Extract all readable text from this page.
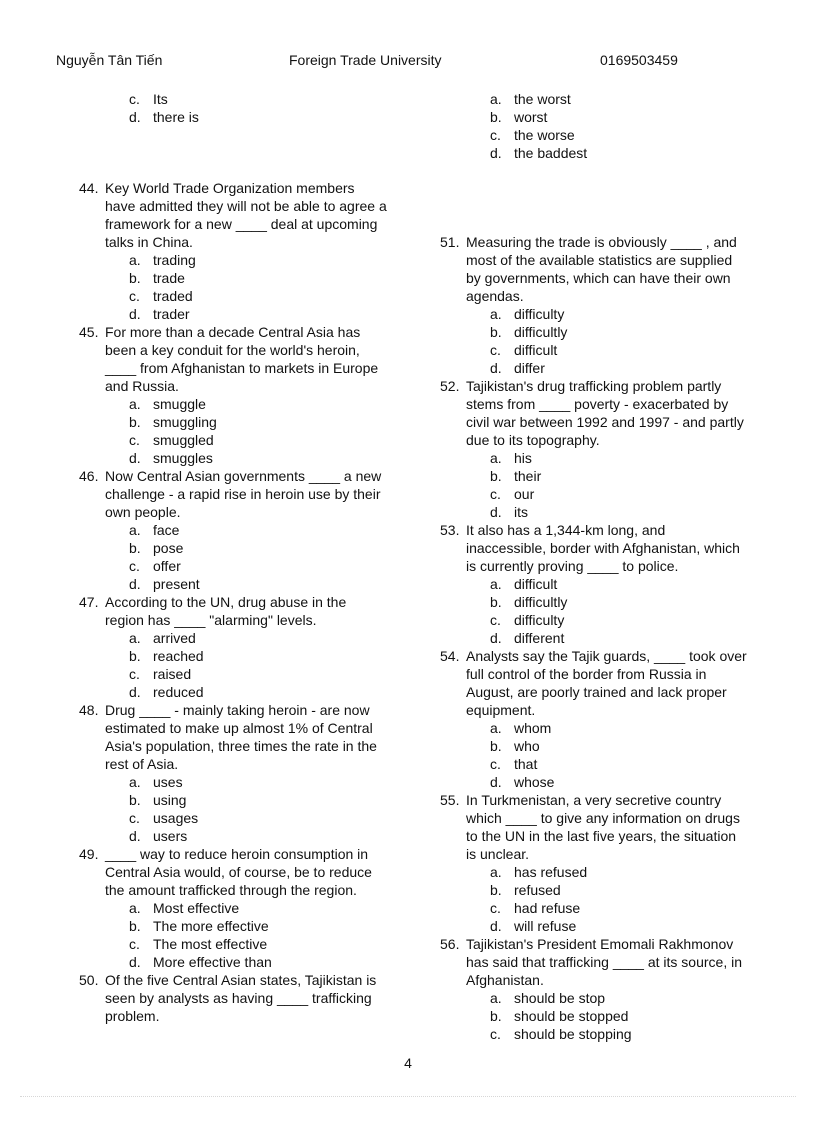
Nguyễn Tân Tiến	Foreign Trade University	0169503459
c. Its
d. there is
44. Key World Trade Organization members
have admitted they will not be able to agree a
framework for a new ____ deal at upcoming
talks in China.
a. trading
b. trade
c. traded
d. trader
45. For more than a decade Central Asia has
been a key conduit for the world's heroin,
____ from Afghanistan to markets in Europe
and Russia.
a. smuggle
b. smuggling
c. smuggled
d. smuggles
46. Now Central Asian governments ____ a new
challenge - a rapid rise in heroin use by their
own people.
a. face
b. pose
c. offer
d. present
47. According to the UN, drug abuse in the
region has ____ "alarming" levels.
a. arrived
b. reached
c. raised
d. reduced
48. Drug ____ - mainly taking heroin - are now
estimated to make up almost 1% of Central
Asia's population, three times the rate in the
rest of Asia.
a. uses
b. using
c. usages
d. users
49. ____ way to reduce heroin consumption in
Central Asia would, of course, be to reduce
the amount trafficked through the region.
a. Most effective
b. The more effective
c. The most effective
d. More effective than
50. Of the five Central Asian states, Tajikistan is
seen by analysts as having ____ trafficking
problem.
a. the worst
b. worst
c. the worse
d. the baddest
51. Measuring the trade is obviously ____ , and
most of the available statistics are supplied
by governments, which can have their own
agendas.
a. difficulty
b. difficultly
c. difficult
d. differ
52. Tajikistan's drug trafficking problem partly
stems from ____ poverty - exacerbated by
civil war between 1992 and 1997 - and partly
due to its topography.
a. his
b. their
c. our
d. its
53. It also has a 1,344-km long, and
inaccessible, border with Afghanistan, which
is currently proving ____ to police.
a. difficult
b. difficultly
c. difficulty
d. different
54. Analysts say the Tajik guards, ____ took over
full control of the border from Russia in
August, are poorly trained and lack proper
equipment.
a. whom
b. who
c. that
d. whose
55. In Turkmenistan, a very secretive country
which ____ to give any information on drugs
to the UN in the last five years, the situation
is unclear.
a. has refused
b. refused
c. had refuse
d. will refuse
56. Tajikistan's President Emomali Rakhmonov
has said that trafficking ____ at its source, in
Afghanistan.
a. should be stop
b. should be stopped
c. should be stopping
4
